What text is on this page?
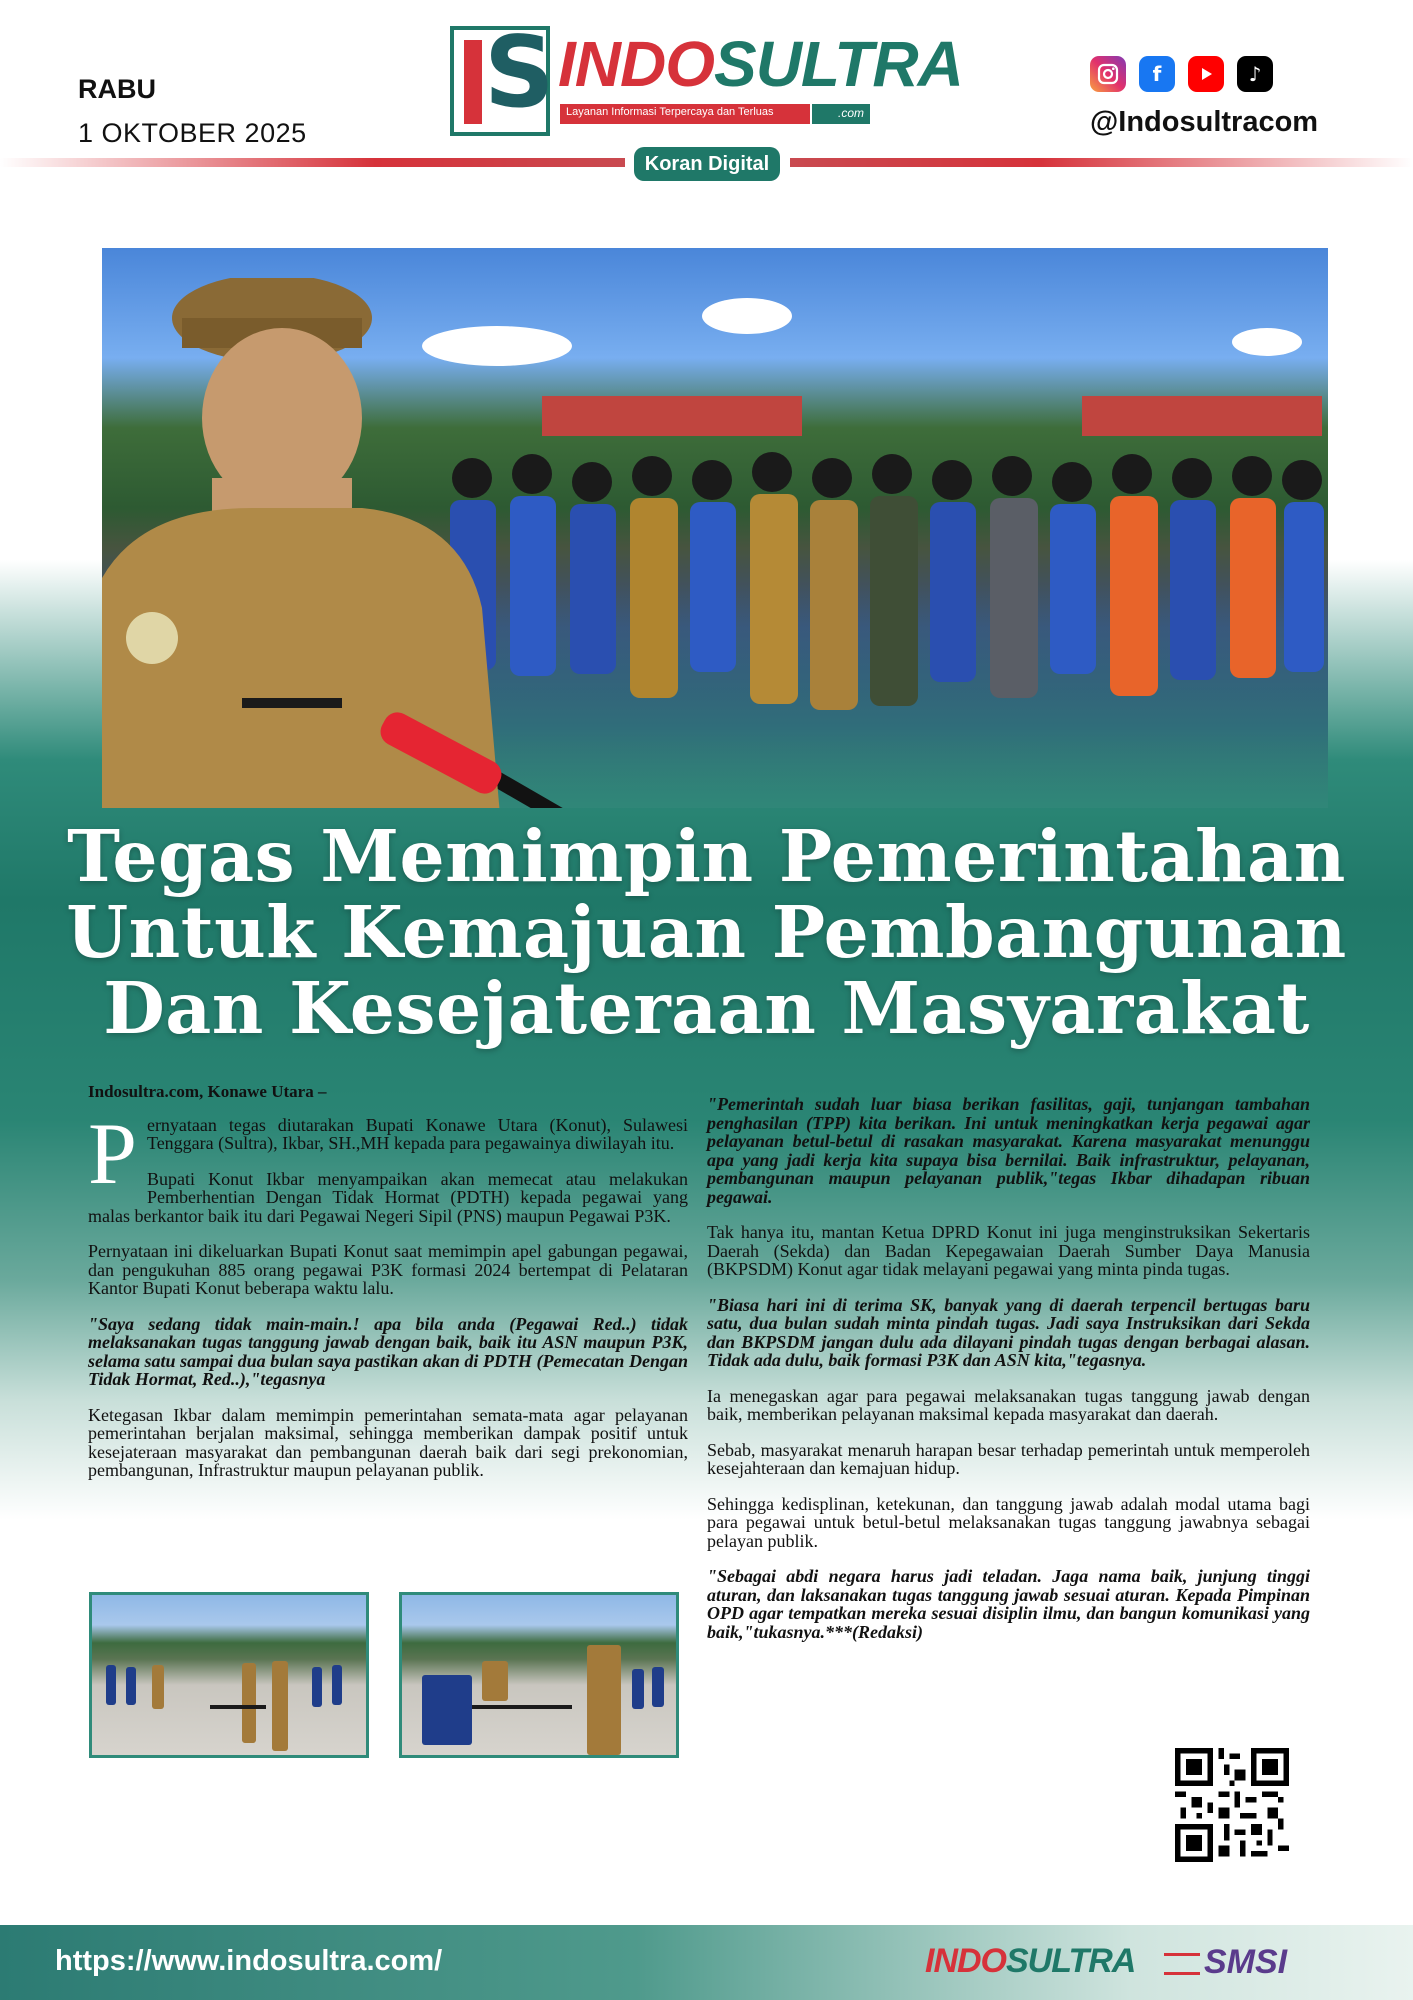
RABU
1 OKTOBER 2025
S INDOSULTRA
Layanan Informasi Terpercaya dan Terluas	.com
f	♪
@Indosultracom
Koran Digital
Tegas Memimpin Pemerintahan Untuk Kemajuan Pembangunan Dan Kesejateraan Masyarakat
Indosultra.com, Konawe Utara –

Pernyataan tegas diutarakan Bupati Konawe Utara (Konut), Sulawesi Tenggara (Sultra), Ikbar, SH.,MH kepada para pegawainya diwilayah itu.

Bupati Konut Ikbar menyampaikan akan memecat atau melakukan Pemberhentian Dengan Tidak Hormat (PDTH) kepada pegawai yang malas berkantor baik itu dari Pegawai Negeri Sipil (PNS) maupun Pegawai P3K.

Pernyataan ini dikeluarkan Bupati Konut saat memimpin apel gabungan pegawai, dan pengukuhan 885 orang pegawai P3K formasi 2024 bertempat di Pelataran Kantor Bupati Konut beberapa waktu lalu.

"Saya sedang tidak main-main.! apa bila anda (Pegawai Red..) tidak melaksanakan tugas tanggung jawab dengan baik, baik itu ASN maupun P3K, selama satu sampai dua bulan saya pastikan akan di PDTH (Pemecatan Dengan Tidak Hormat, Red..),"tegasnya

Ketegasan Ikbar dalam memimpin pemerintahan semata-mata agar pelayanan pemerintahan berjalan maksimal, sehingga memberikan dampak positif untuk kesejateraan masyarakat dan pembangunan daerah baik dari segi prekonomian, pembangunan, Infrastruktur maupun pelayanan publik.

"Pemerintah sudah luar biasa berikan fasilitas, gaji, tunjangan tambahan penghasilan (TPP) kita berikan. Ini untuk meningkatkan kerja pegawai agar pelayanan betul-betul di rasakan masyarakat. Karena masyarakat menunggu apa yang jadi kerja kita supaya bisa bernilai. Baik infrastruktur, pelayanan, pembangunan maupun pelayanan publik,"tegas Ikbar dihadapan ribuan pegawai.

Tak hanya itu, mantan Ketua DPRD Konut ini juga menginstruksikan Sekertaris Daerah (Sekda) dan Badan Kepegawaian Daerah Sumber Daya Manusia (BKPSDM) Konut agar tidak melayani pegawai yang minta pinda tugas.

"Biasa hari ini di terima SK, banyak yang di daerah terpencil bertugas baru satu, dua bulan sudah minta pindah tugas. Jadi saya Instruksikan dari Sekda dan BKPSDM jangan dulu ada dilayani pindah tugas dengan berbagai alasan. Tidak ada dulu, baik formasi P3K dan ASN kita,"tegasnya.

Ia menegaskan agar para pegawai melaksanakan tugas tanggung jawab dengan baik, memberikan pelayanan maksimal kepada masyarakat dan daerah.

Sebab, masyarakat menaruh harapan besar terhadap pemerintah untuk memperoleh kesejahteraan dan kemajuan hidup.

Sehingga kedisplinan, ketekunan, dan tanggung jawab adalah modal utama bagi para pegawai untuk betul-betul melaksanakan tugas tanggung jawabnya sebagai pelayan publik.

"Sebagai abdi negara harus jadi teladan. Jaga nama baik, junjung tinggi aturan, dan laksanakan tugas tanggung jawab sesuai aturan. Kepada Pimpinan OPD agar tempatkan mereka sesuai disiplin ilmu, dan bangun komunikasi yang baik,"tukasnya.***(Redaksi)

https://www.indosultra.com/	INDOSULTRA	SMSI
